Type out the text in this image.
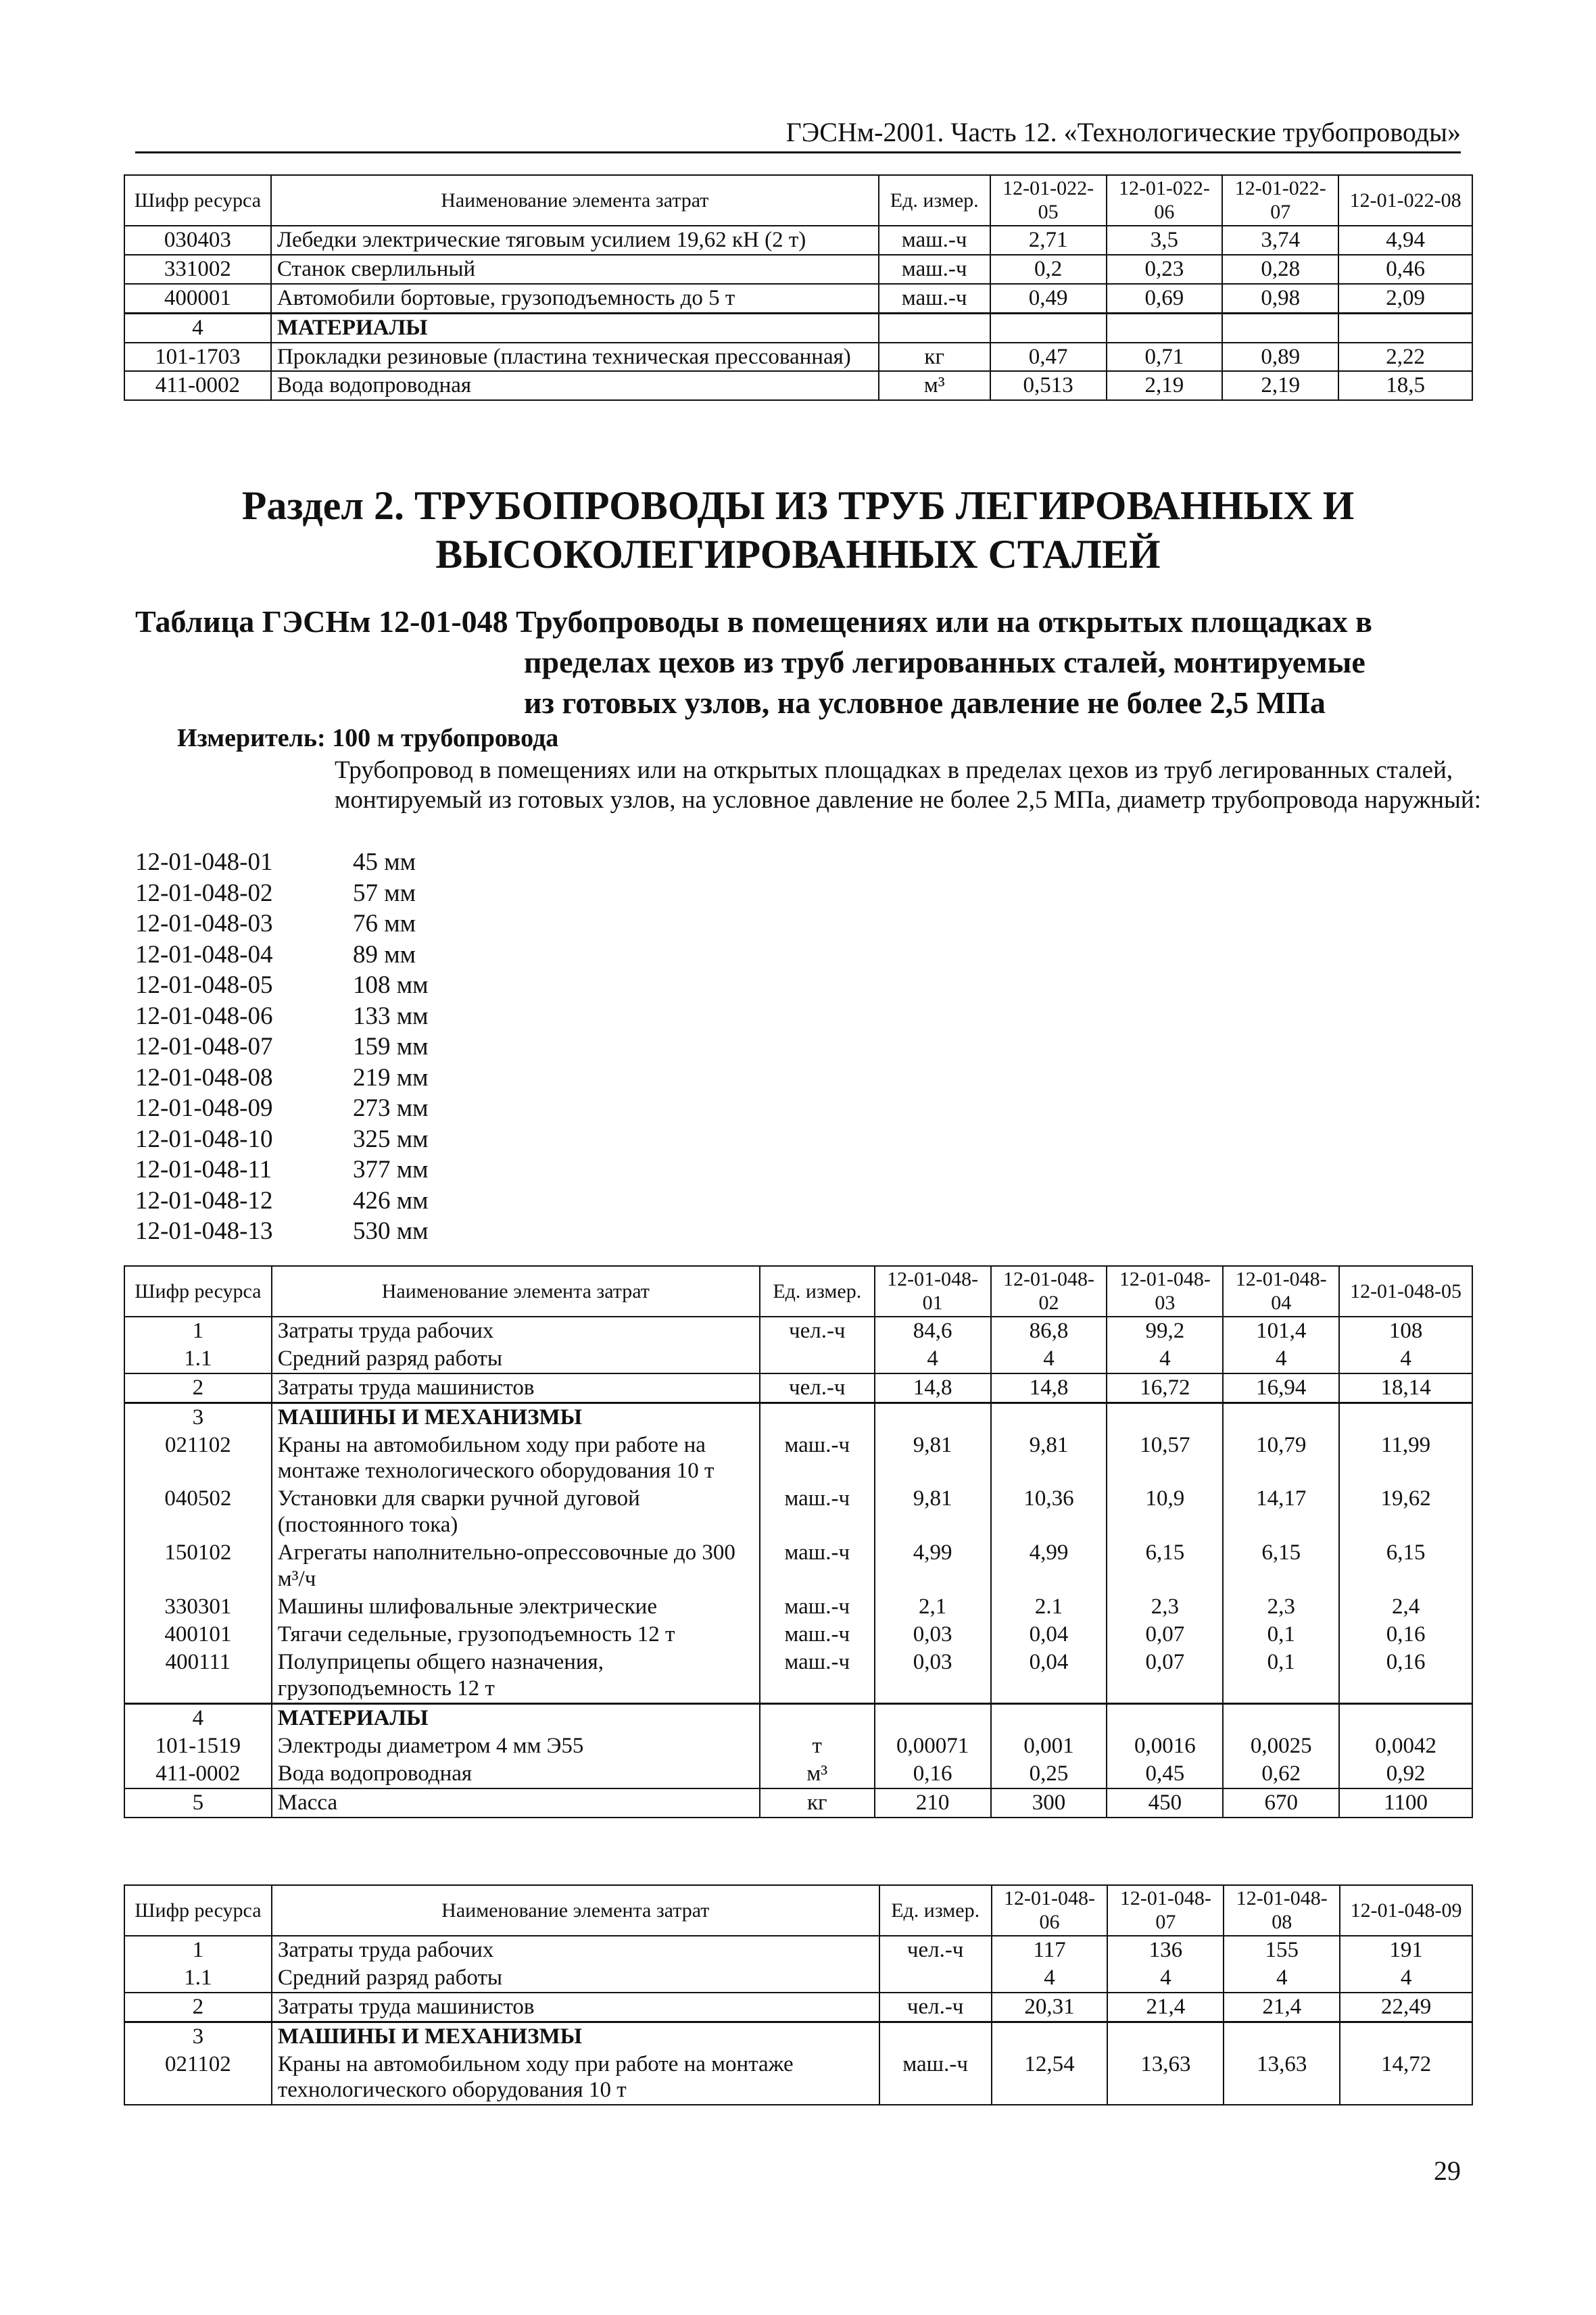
ГЭСНм-2001. Часть 12. «Технологические трубопроводы»
Шифр ресурса	Наименование элемента затрат	Ед. измер.	12-01-022-05	12-01-022-06	12-01-022-07	12-01-022-08
030403	Лебедки электрические тяговым усилием 19,62 кН (2 т)	маш.-ч	2,71	3,5	3,74	4,94
331002	Станок сверлильный	маш.-ч	0,2	0,23	0,28	0,46
400001	Автомобили бортовые, грузоподъемность до 5 т	маш.-ч	0,49	0,69	0,98	2,09
4	МАТЕРИАЛЫ					
101-1703	Прокладки резиновые (пластина техническая прессованная)	кг	0,47	0,71	0,89	2,22
411-0002	Вода водопроводная	м³	0,513	2,19	2,19	18,5
Раздел 2. ТРУБОПРОВОДЫ ИЗ ТРУБ ЛЕГИРОВАННЫХ И ВЫСОКОЛЕГИРОВАННЫХ СТАЛЕЙ
Таблица ГЭСНм 12-01-048 Трубопроводы в помещениях или на открытых площадках в
пределах цехов из труб легированных сталей, монтируемые
из готовых узлов, на условное давление не более 2,5 МПа
Измеритель: 100 м трубопровода
Трубопровод в помещениях или на открытых площадках в пределах цехов из труб легированных сталей, монтируемый из готовых узлов, на условное давление не более 2,5 МПа, диаметр трубопровода наружный:
12-01-048-01	45 мм
12-01-048-02	57 мм
12-01-048-03	76 мм
12-01-048-04	89 мм
12-01-048-05	108 мм
12-01-048-06	133 мм
12-01-048-07	159 мм
12-01-048-08	219 мм
12-01-048-09	273 мм
12-01-048-10	325 мм
12-01-048-11	377 мм
12-01-048-12	426 мм
12-01-048-13	530 мм
Шифр ресурса	Наименование элемента затрат	Ед. измер.	12-01-048-01	12-01-048-02	12-01-048-03	12-01-048-04	12-01-048-05
1	Затраты труда рабочих	чел.-ч	84,6	86,8	99,2	101,4	108
1.1	Средний разряд работы		4	4	4	4	4
2	Затраты труда машинистов	чел.-ч	14,8	14,8	16,72	16,94	18,14
3	МАШИНЫ И МЕХАНИЗМЫ						
021102	Краны на автомобильном ходу при работе на монтаже технологического оборудования 10 т	маш.-ч	9,81	9,81	10,57	10,79	11,99
040502	Установки для сварки ручной дуговой (постоянного тока)	маш.-ч	9,81	10,36	10,9	14,17	19,62
150102	Агрегаты наполнительно-опрессовочные до 300 м³/ч	маш.-ч	4,99	4,99	6,15	6,15	6,15
330301	Машины шлифовальные электрические	маш.-ч	2,1	2.1	2,3	2,3	2,4
400101	Тягачи седельные, грузоподъемность 12 т	маш.-ч	0,03	0,04	0,07	0,1	0,16
400111	Полуприцепы общего назначения, грузоподъемность 12 т	маш.-ч	0,03	0,04	0,07	0,1	0,16
4	МАТЕРИАЛЫ						
101-1519	Электроды диаметром 4 мм Э55	т	0,00071	0,001	0,0016	0,0025	0,0042
411-0002	Вода водопроводная	м³	0,16	0,25	0,45	0,62	0,92
5	Масса	кг	210	300	450	670	1100
Шифр ресурса	Наименование элемента затрат	Ед. измер.	12-01-048-06	12-01-048-07	12-01-048-08	12-01-048-09
1	Затраты труда рабочих	чел.-ч	117	136	155	191
1.1	Средний разряд работы		4	4	4	4
2	Затраты труда машинистов	чел.-ч	20,31	21,4	21,4	22,49
3	МАШИНЫ И МЕХАНИЗМЫ					
021102	Краны на автомобильном ходу при работе на монтаже технологического оборудования 10 т	маш.-ч	12,54	13,63	13,63	14,72
29
